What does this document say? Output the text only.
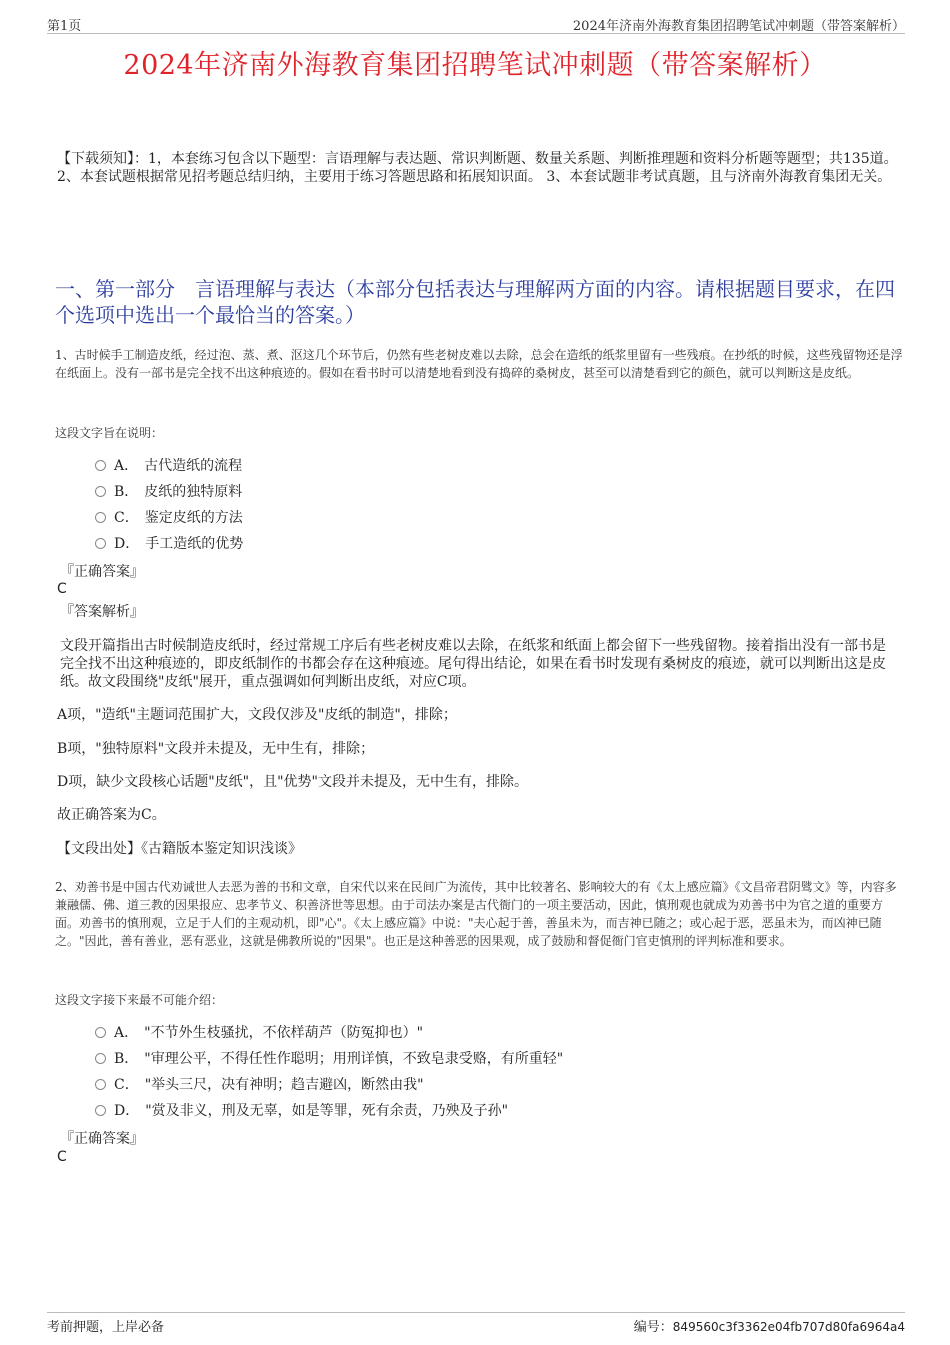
第1页	2024年济南外海教育集团招聘笔试冲刺题（带答案解析）
2024年济南外海教育集团招聘笔试冲刺题（带答案解析）

【下载须知】：1，本套练习包含以下题型：言语理解与表达题、常识判断题、数量关系题、判断推理题和资料分析题等题型；共135道。 2、本套试题根据常见招考题总结归纳，主要用于练习答题思路和拓展知识面。 3、本套试题非考试真题，且与济南外海教育集团无关。

一、第一部分　言语理解与表达（本部分包括表达与理解两方面的内容。请根据题目要求，在四个选项中选出一个最恰当的答案。）

1、古时候手工制造皮纸，经过泡、蒸、煮、沤这几个环节后，仍然有些老树皮难以去除，总会在造纸的纸浆里留有一些残痕。在抄纸的时候，这些残留物还是浮在纸面上。没有一部书是完全找不出这种痕迹的。假如在看书时可以清楚地看到没有捣碎的桑树皮，甚至可以清楚看到它的颜色，就可以判断这是皮纸。

这段文字旨在说明：

A． 古代造纸的流程
B． 皮纸的独特原料
C． 鉴定皮纸的方法
D． 手工造纸的优势
『正确答案』
C
『答案解析』

文段开篇指出古时候制造皮纸时，经过常规工序后有些老树皮难以去除，在纸浆和纸面上都会留下一些残留物。接着指出没有一部书是完全找不出这种痕迹的，即皮纸制作的书都会存在这种痕迹。尾句得出结论，如果在看书时发现有桑树皮的痕迹，就可以判断出这是皮纸。故文段围绕"皮纸"展开，重点强调如何判断出皮纸，对应C项。

A项，"造纸"主题词范围扩大，文段仅涉及"皮纸的制造"，排除；
B项，"独特原料"文段并未提及，无中生有，排除；
D项，缺少文段核心话题"皮纸"，且"优势"文段并未提及，无中生有，排除。
故正确答案为C。
【文段出处】《古籍版本鉴定知识浅谈》

2、劝善书是中国古代劝诫世人去恶为善的书和文章，自宋代以来在民间广为流传，其中比较著名、影响较大的有《太上感应篇》《文昌帝君阴骘文》等，内容多兼融儒、佛、道三教的因果报应、忠孝节义、积善济世等思想。由于司法办案是古代衙门的一项主要活动，因此，慎刑观也就成为劝善书中为官之道的重要方面。劝善书的慎刑观，立足于人们的主观动机，即"心"。《太上感应篇》中说："夫心起于善，善虽未为，而吉神已随之；或心起于恶，恶虽未为，而凶神已随之。"因此，善有善业，恶有恶业，这就是佛教所说的"因果"。也正是这种善恶的因果观，成了鼓励和督促衙门官吏慎刑的评判标准和要求。

这段文字接下来最不可能介绍：

A． "不节外生枝骚扰，不依样葫芦（防冤抑也）"
B． "审理公平，不得任性作聪明；用刑详慎，不致皂隶受赂，有所重轻"
C． "举头三尺，决有神明；趋吉避凶，断然由我"
D． "赏及非义，刑及无辜，如是等罪，死有余责，乃殃及子孙"
『正确答案』
C
考前押题，上岸必备	编号：849560c3f3362e04fb707d80fa6964a4
